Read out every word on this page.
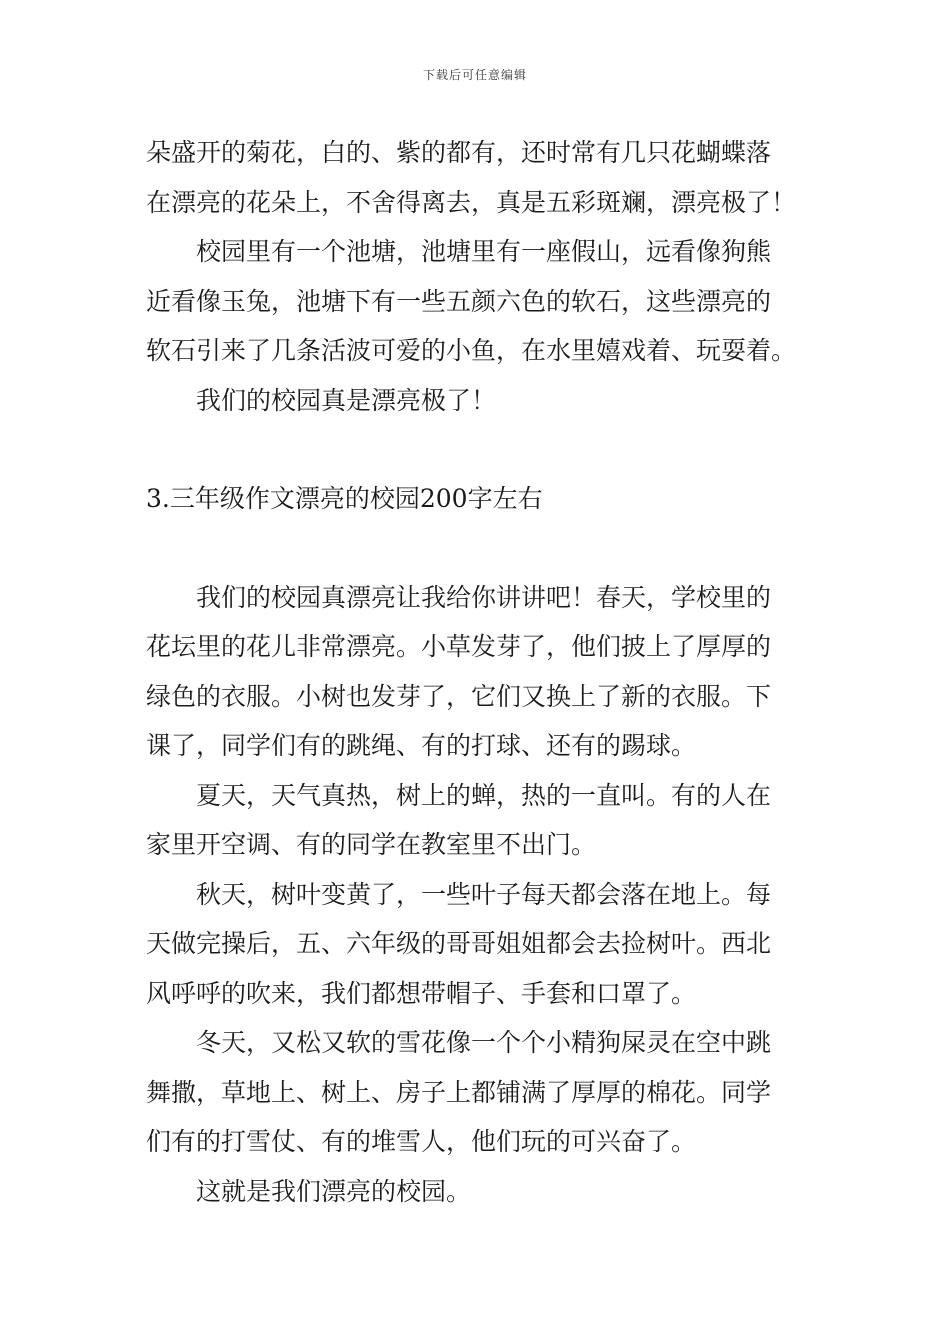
下载后可任意编辑
朵盛开的菊花，白的、紫的都有，还时常有几只花蝴蝶落
在漂亮的花朵上，不舍得离去，真是五彩斑斓，漂亮极了！
校园里有一个池塘，池塘里有一座假山，远看像狗熊
近看像玉兔，池塘下有一些五颜六色的软石，这些漂亮的
软石引来了几条活波可爱的小鱼，在水里嬉戏着、玩耍着。
我们的校园真是漂亮极了！
3.三年级作文漂亮的校园200字左右
我们的校园真漂亮让我给你讲讲吧！春天，学校里的
花坛里的花儿非常漂亮。小草发芽了，他们披上了厚厚的
绿色的衣服。小树也发芽了，它们又换上了新的衣服。下
课了，同学们有的跳绳、有的打球、还有的踢球。
夏天，天气真热，树上的蝉，热的一直叫。有的人在
家里开空调、有的同学在教室里不出门。
秋天，树叶变黄了，一些叶子每天都会落在地上。每
天做完操后，五、六年级的哥哥姐姐都会去捡树叶。西北
风呼呼的吹来，我们都想带帽子、手套和口罩了。
冬天，又松又软的雪花像一个个小精狗屎灵在空中跳
舞撒，草地上、树上、房子上都铺满了厚厚的棉花。同学
们有的打雪仗、有的堆雪人，他们玩的可兴奋了。
这就是我们漂亮的校园。
